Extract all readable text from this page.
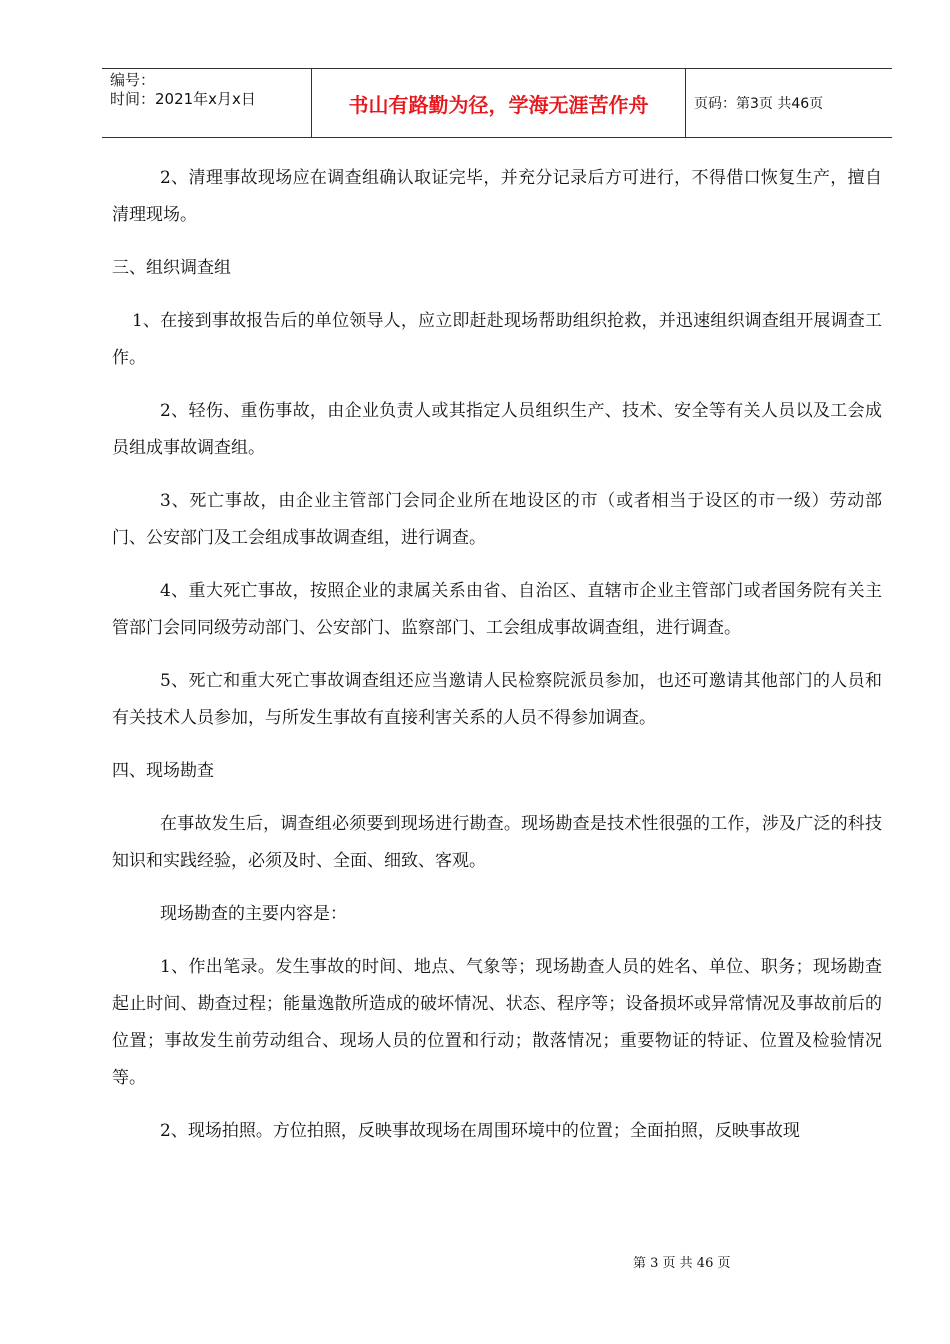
编号：
时间：2021年x月x日	书山有路勤为径，学海无涯苦作舟	页码：第3页 共46页

2、清理事故现场应在调查组确认取证完毕，并充分记录后方可进行，不得借口恢复生产，擅自清理现场。

三、组织调查组

1、在接到事故报告后的单位领导人，应立即赶赴现场帮助组织抢救，并迅速组织调查组开展调查工作。

2、轻伤、重伤事故，由企业负责人或其指定人员组织生产、技术、安全等有关人员以及工会成员组成事故调查组。

3、死亡事故，由企业主管部门会同企业所在地设区的市（或者相当于设区的市一级）劳动部门、公安部门及工会组成事故调查组，进行调查。

4、重大死亡事故，按照企业的隶属关系由省、自治区、直辖市企业主管部门或者国务院有关主管部门会同同级劳动部门、公安部门、监察部门、工会组成事故调查组，进行调查。

5、死亡和重大死亡事故调查组还应当邀请人民检察院派员参加，也还可邀请其他部门的人员和有关技术人员参加，与所发生事故有直接利害关系的人员不得参加调查。

四、现场勘查

在事故发生后，调查组必须要到现场进行勘查。现场勘查是技术性很强的工作，涉及广泛的科技知识和实践经验，必须及时、全面、细致、客观。

现场勘查的主要内容是：

1、作出笔录。发生事故的时间、地点、气象等；现场勘查人员的姓名、单位、职务；现场勘查起止时间、勘查过程；能量逸散所造成的破坏情况、状态、程序等；设备损坏或异常情况及事故前后的位置；事故发生前劳动组合、现场人员的位置和行动；散落情况；重要物证的特证、位置及检验情况等。

2、现场拍照。方位拍照，反映事故现场在周围环境中的位置；全面拍照，反映事故现

第 3 页 共 46 页
